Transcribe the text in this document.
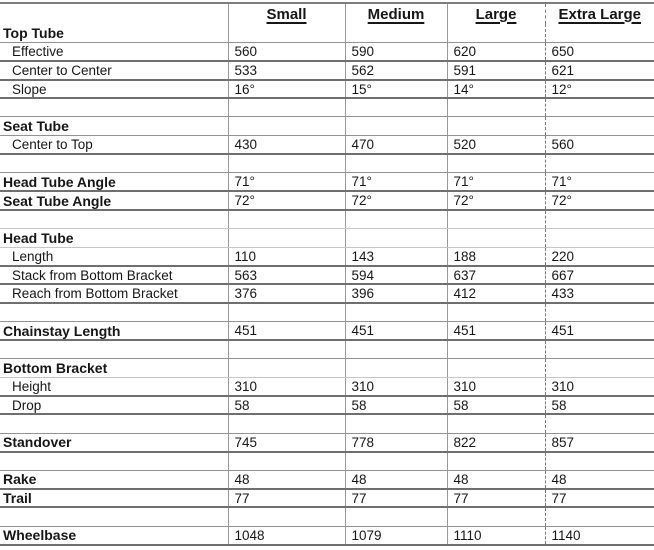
	Small	Medium	Large	Extra Large
Top Tube				
Effective	560	590	620	650
Center to Center	533	562	591	621
Slope	16°	15°	14°	12°

Seat Tube				
Center to Top	430	470	520	560

Head Tube Angle	71°	71°	71°	71°
Seat Tube Angle	72°	72°	72°	72°

Head Tube				
Length	110	143	188	220
Stack from Bottom Bracket	563	594	637	667
Reach from Bottom Bracket	376	396	412	433

Chainstay Length	451	451	451	451

Bottom Bracket				
Height	310	310	310	310
Drop	58	58	58	58

Standover	745	778	822	857

Rake	48	48	48	48
Trail	77	77	77	77

Wheelbase	1048	1079	1110	1140
